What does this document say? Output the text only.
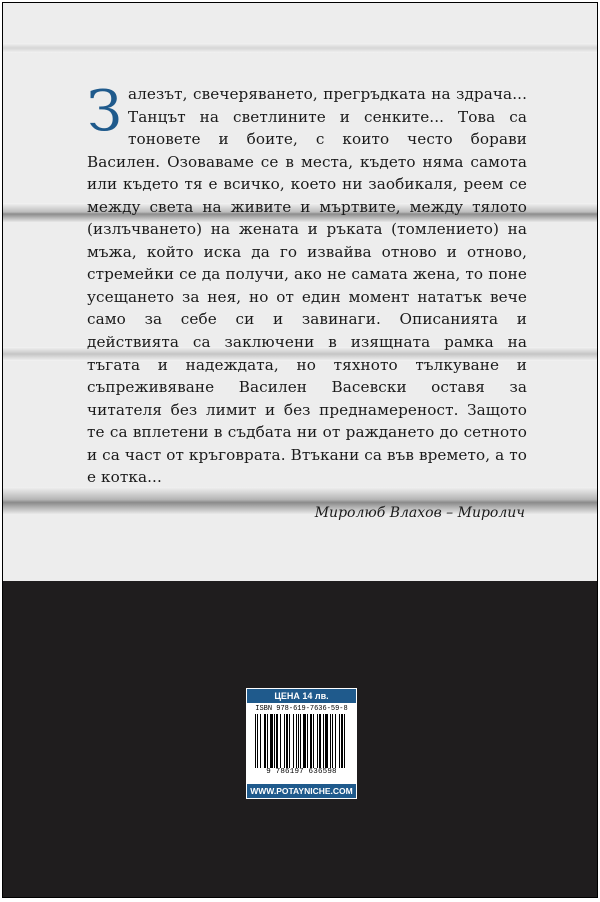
Залезът, свечеряването, прегръдката на здрача... Танцът на светлините и сенките... Това са тоновете и боите, с които често борави Василен. Озоваваме се в места, където няма самота или където тя е всичко, което ни заобикаля, реем се между света на живите и мъртвите, между тялото (излъчването) на жената и ръката (томлението) на мъжа, който иска да го извайва отново и отново, стремейки се да получи, ако не самата жена, то поне усещането за нея, но от един момент нататък вече само за себе си и завинаги. Описанията и действията са заключени в изящната рамка на тъгата и надеждата, но тяхното тълкуване и съпреживяване Василен Васевски оставя за читателя без лимит и без преднамереност. Защото те са вплетени в съдбата ни от раждането до сетното и са част от кръговрата. Втъкани са във времето, а то е котка...
Миролюб Влахов – Миролич
ЦЕНА 14 лв.
ISBN 978-619-7636-59-8
9 786197 636598
WWW.POTAYNICHE.COM
